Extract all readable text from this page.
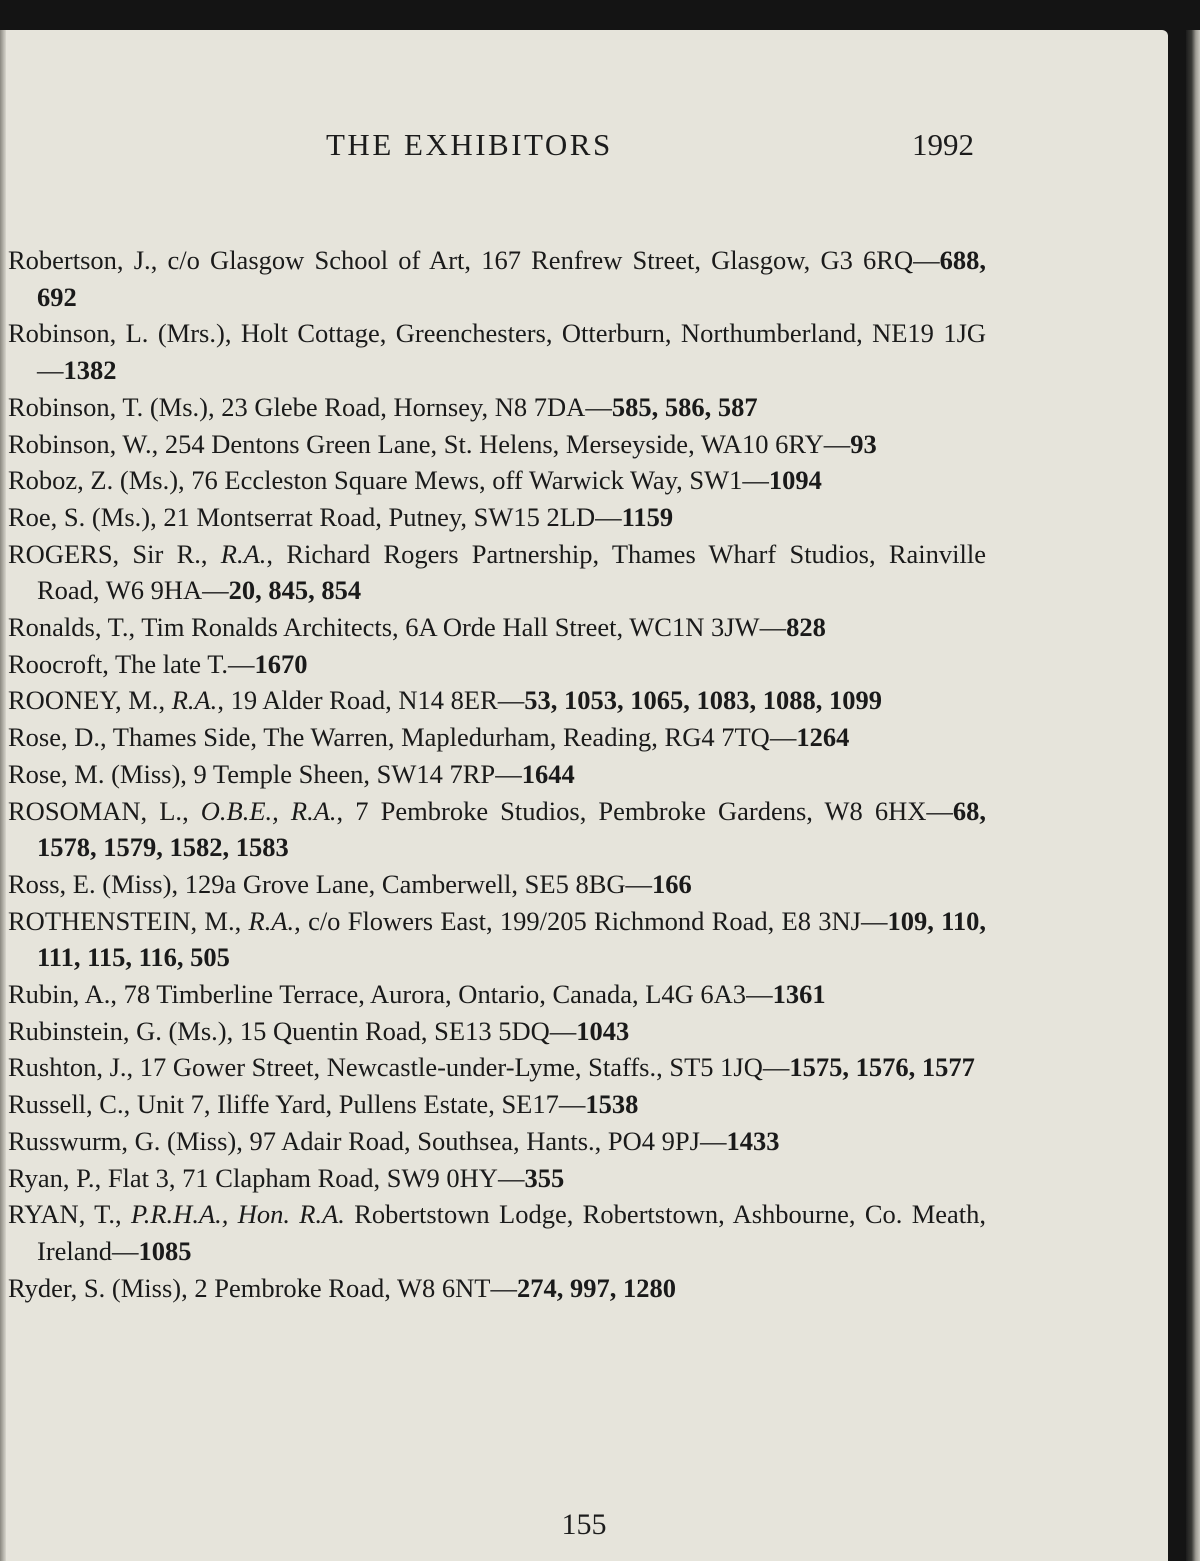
THE EXHIBITORS	1992
Robertson, J., c/o Glasgow School of Art, 167 Renfrew Street, Glasgow, G3 6RQ—688, 692
Robinson, L. (Mrs.), Holt Cottage, Greenchesters, Otterburn, Northumberland, NE19 1JG—1382
Robinson, T. (Ms.), 23 Glebe Road, Hornsey, N8 7DA—585, 586, 587
Robinson, W., 254 Dentons Green Lane, St. Helens, Merseyside, WA10 6RY—93
Roboz, Z. (Ms.), 76 Eccleston Square Mews, off Warwick Way, SW1—1094
Roe, S. (Ms.), 21 Montserrat Road, Putney, SW15 2LD—1159
ROGERS, Sir R., R.A., Richard Rogers Partnership, Thames Wharf Studios, Rainville Road, W6 9HA—20, 845, 854
Ronalds, T., Tim Ronalds Architects, 6A Orde Hall Street, WC1N 3JW—828
Roocroft, The late T.—1670
ROONEY, M., R.A., 19 Alder Road, N14 8ER—53, 1053, 1065, 1083, 1088, 1099
Rose, D., Thames Side, The Warren, Mapledurham, Reading, RG4 7TQ—1264
Rose, M. (Miss), 9 Temple Sheen, SW14 7RP—1644
ROSOMAN, L., O.B.E., R.A., 7 Pembroke Studios, Pembroke Gardens, W8 6HX—68, 1578, 1579, 1582, 1583
Ross, E. (Miss), 129a Grove Lane, Camberwell, SE5 8BG—166
ROTHENSTEIN, M., R.A., c/o Flowers East, 199/205 Richmond Road, E8 3NJ—109, 110, 111, 115, 116, 505
Rubin, A., 78 Timberline Terrace, Aurora, Ontario, Canada, L4G 6A3—1361
Rubinstein, G. (Ms.), 15 Quentin Road, SE13 5DQ—1043
Rushton, J., 17 Gower Street, Newcastle-under-Lyme, Staffs., ST5 1JQ—1575, 1576, 1577
Russell, C., Unit 7, Iliffe Yard, Pullens Estate, SE17—1538
Russwurm, G. (Miss), 97 Adair Road, Southsea, Hants., PO4 9PJ—1433
Ryan, P., Flat 3, 71 Clapham Road, SW9 0HY—355
RYAN, T., P.R.H.A., Hon. R.A. Robertstown Lodge, Robertstown, Ashbourne, Co. Meath, Ireland—1085
Ryder, S. (Miss), 2 Pembroke Road, W8 6NT—274, 997, 1280
155
